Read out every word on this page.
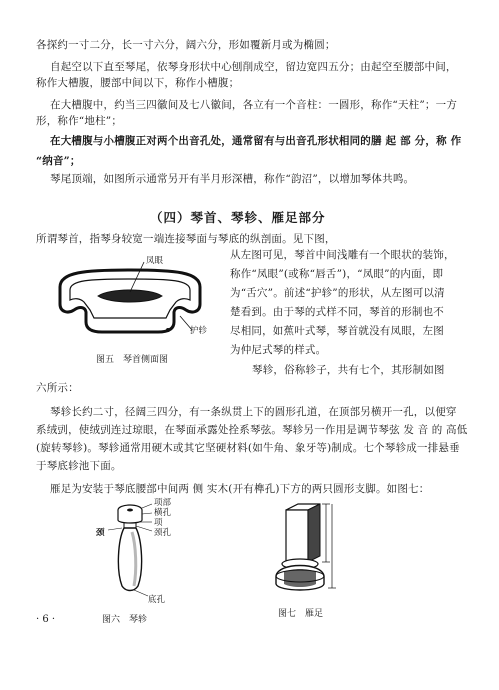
各探约一寸二分，长一寸六分，阔六分，形如覆新月或为椭圆；
自起空以下直至琴尾，依琴身形状中心刨削成空，留边宽四五分；由起空至腰部中间，
称作大槽腹，腰部中间以下，称作小槽腹；
在大槽腹中，约当三四徽间及七八徽间，各立有一个音柱：一圆形，称作“天柱”；一方
形，称作“地柱”；
在大槽腹与小槽腹正对两个出音孔处，通常留有与出音孔形状相同的膳 起 部 分，称 作
“纳音”；
琴尾顶端，如图所示通常另开有半月形深槽，称作“韵沼”，以增加琴体共鸣。
（四）琴首、琴轸、雁足部分
所谓琴首，指琴身较宽一端连接琴面与琴底的纵剖面。见下图，
凤眼
护轸
图五　琴首侧面图
从左图可见，琴首中间浅雕有一个眼状的装饰，
称作“凤眼”(或称“唇舌”)，“凤眼”的内面，即
为“舌穴”。前述“护轸”的形状，从左图可以清
楚看到。由于琴的式样不同，琴首的形制也不
尽相同，如蕉叶式琴，琴首就没有凤眼，左图
为仲尼式琴的样式。
琴轸，俗称轸子，共有七个，其形制如图
六所示：
琴轸长约二寸，径阔三四分，有一条纵贯上下的圆形孔道，在顶部另横开一孔，以便穿
系绒剅，使绒剅连过琼眼，在琴面承露处拴系琴弦。琴轸另一作用是调节琴弦 发 音 的 高低
(旋转琴轸)。琴轸通常用硬木或其它坚硬材料(如牛角、象牙等)制成。七个琴轸成一排悬垂
于琴底轸池下面。
雁足为安装于琴底腰部中间两 侧 实木(开有榫孔)下方的两只圆形支脚。如图七：
项部
横孔
项
颈孔
颈
底孔
图六　琴轸
图七　雁足
· 6 ·
